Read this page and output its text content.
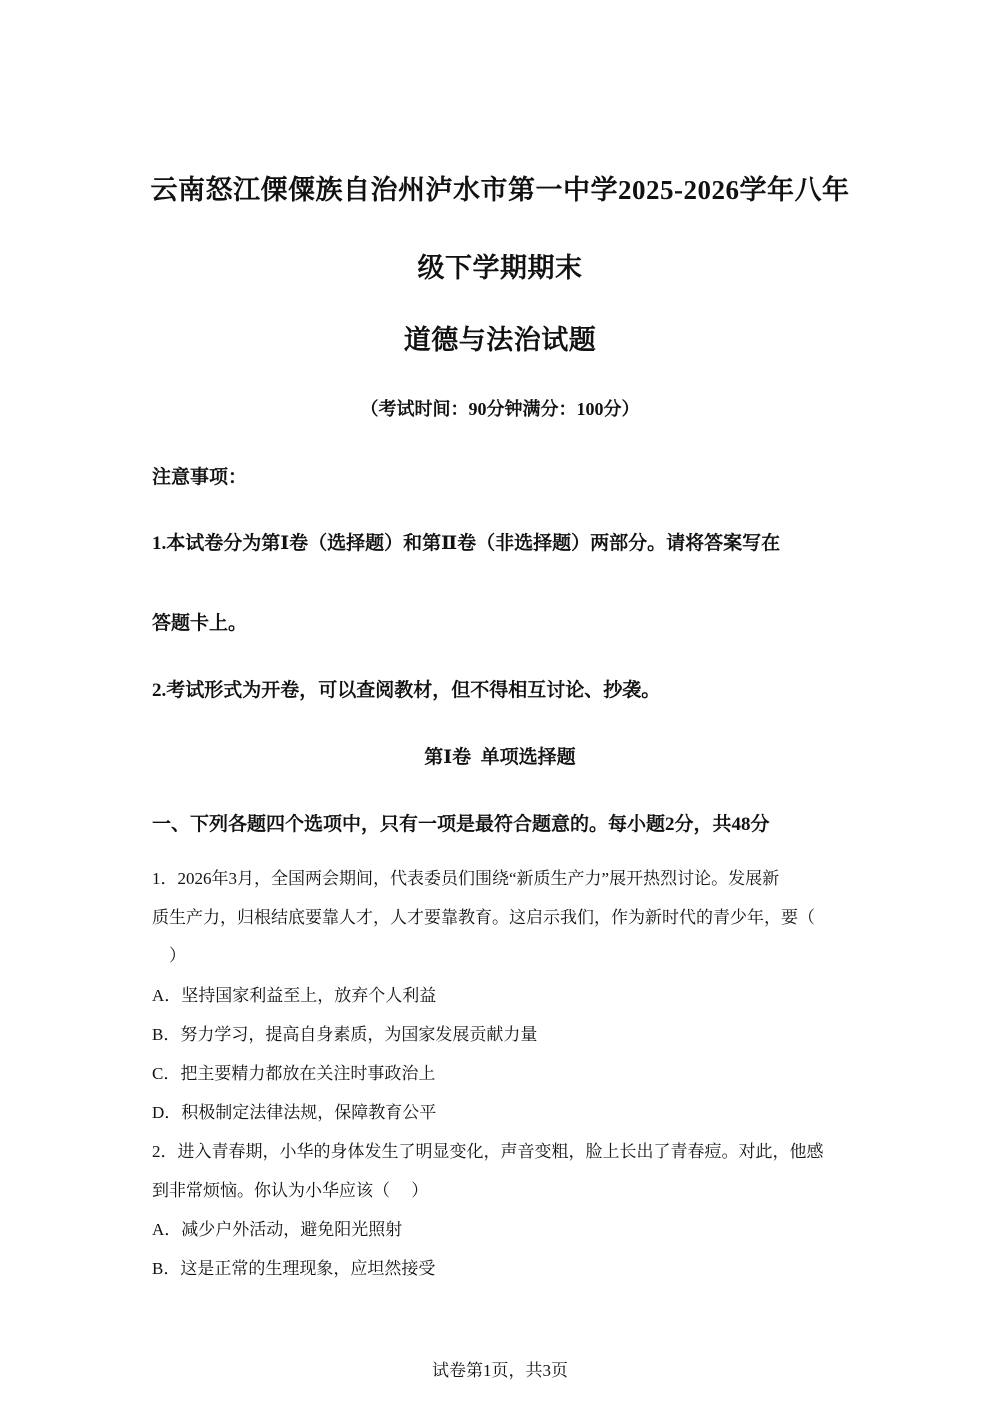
云南怒江傈僳族自治州泸水市第一中学2025-2026学年八年
级下学期期末
道德与法治试题
（考试时间：90分钟满分：100分）
注意事项：
1.本试卷分为第Ⅰ卷（选择题）和第Ⅱ卷（非选择题）两部分。请将答案写在
答题卡上。
2.考试形式为开卷，可以查阅教材，但不得相互讨论、抄袭。
第Ⅰ卷  单项选择题
一、下列各题四个选项中，只有一项是最符合题意的。每小题2分，共48分
1．2026年3月，全国两会期间，代表委员们围绕“新质生产力”展开热烈讨论。发展新
质生产力，归根结底要靠人才，人才要靠教育。这启示我们，作为新时代的青少年，要（
）
A．坚持国家利益至上，放弃个人利益
B．努力学习，提高自身素质，为国家发展贡献力量
C．把主要精力都放在关注时事政治上
D．积极制定法律法规，保障教育公平
2．进入青春期，小华的身体发生了明显变化，声音变粗，脸上长出了青春痘。对此，他感
到非常烦恼。你认为小华应该（     ）
A．减少户外活动，避免阳光照射
B．这是正常的生理现象，应坦然接受
试卷第1页，共3页
